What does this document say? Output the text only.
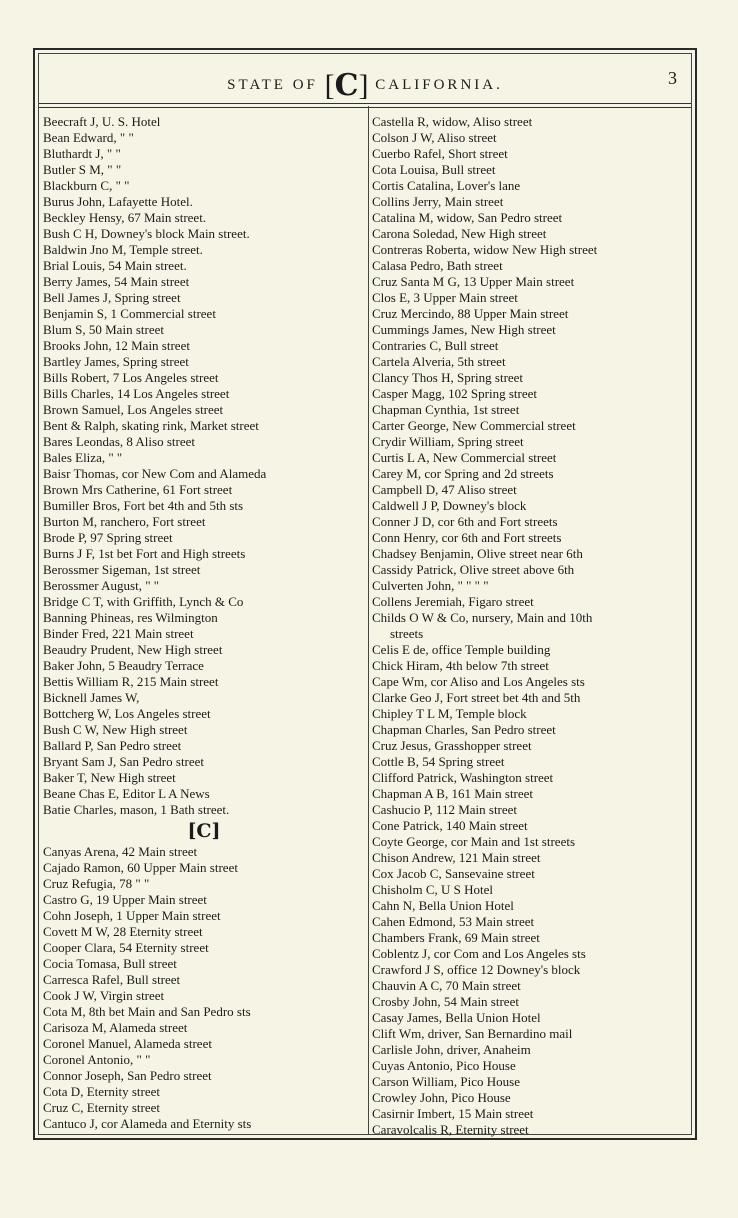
STATE OF [C] CALIFORNIA.	3
Beecraft J, U. S. Hotel
Bean Edward, " "
Bluthardt J, " "
Butler S M, " "
Blackburn C, " "
Burus John, Lafayette Hotel.
Beckley Hensy, 67 Main street.
Bush C H, Downey's block Main street.
Baldwin Jno M, Temple street.
Brial Louis, 54 Main street.
Berry James, 54 Main street
Bell James J, Spring street
Benjamin S, 1 Commercial street
Blum S, 50 Main street
Brooks John, 12 Main street
Bartley James, Spring street
Bills Robert, 7 Los Angeles street
Bills Charles, 14 Los Angeles street
Brown Samuel, Los Angeles street
Bent & Ralph, skating rink, Market street
Bares Leondas, 8 Aliso street
Bales Eliza, " "
Baisr Thomas, cor New Com and Alameda
Brown Mrs Catherine, 61 Fort street
Bumiller Bros, Fort bet 4th and 5th sts
Burton M, ranchero, Fort street
Brode P, 97 Spring street
Burns J F, 1st bet Fort and High streets
Berossmer Sigeman, 1st street
Berossmer August, " "
Bridge C T, with Griffith, Lynch & Co
Banning Phineas, res Wilmington
Binder Fred, 221 Main street
Beaudry Prudent, New High street
Baker John, 5 Beaudry Terrace
Bettis William R, 215 Main street
Bicknell James W,
Bottcherg W, Los Angeles street
Bush C W, New High street
Ballard P, San Pedro street
Bryant Sam J, San Pedro street
Baker T, New High street
Beane Chas E, Editor L A News
Batie Charles, mason, 1 Bath street.
[C]
Canyas Arena, 42 Main street
Cajado Ramon, 60 Upper Main street
Cruz Refugia, 78 " "
Castro G, 19 Upper Main street
Cohn Joseph, 1 Upper Main street
Covett M W, 28 Eternity street
Cooper Clara, 54 Eternity street
Cocia Tomasa, Bull street
Carresca Rafel, Bull street
Cook J W, Virgin street
Cota M, 8th bet Main and San Pedro sts
Carisoza M, Alameda street
Coronel Manuel, Alameda street
Coronel Antonio, " "
Connor Joseph, San Pedro street
Cota D, Eternity street
Cruz C, Eternity street
Cantuco J, cor Alameda and Eternity sts
Castella R, widow, Aliso street
Colson J W, Aliso street
Cuerbo Rafel, Short street
Cota Louisa, Bull street
Cortis Catalina, Lover's lane
Collins Jerry, Main street
Catalina M, widow, San Pedro street
Carona Soledad, New High street
Contreras Roberta, widow New High street
Calasa Pedro, Bath street
Cruz Santa M G, 13 Upper Main street
Clos E, 3 Upper Main street
Cruz Mercindo, 88 Upper Main street
Cummings James, New High street
Contraries C, Bull street
Cartela Alveria, 5th street
Clancy Thos H, Spring street
Casper Magg, 102 Spring street
Chapman Cynthia, 1st street
Carter George, New Commercial street
Crydir William, Spring street
Curtis L A, New Commercial street
Carey M, cor Spring and 2d streets
Campbell D, 47 Aliso street
Caldwell J P, Downey's block
Conner J D, cor 6th and Fort streets
Conn Henry, cor 6th and Fort streets
Chadsey Benjamin, Olive street near 6th
Cassidy Patrick, Olive street above 6th
Culverten John, " " " "
Collens Jeremiah, Figaro street
Childs O W & Co, nursery, Main and 10th
streets
Celis E de, office Temple building
Chick Hiram, 4th below 7th street
Cape Wm, cor Aliso and Los Angeles sts
Clarke Geo J, Fort street bet 4th and 5th
Chipley T L M, Temple block
Chapman Charles, San Pedro street
Cruz Jesus, Grasshopper street
Cottle B, 54 Spring street
Clifford Patrick, Washington street
Chapman A B, 161 Main street
Cashucio P, 112 Main street
Cone Patrick, 140 Main street
Coyte George, cor Main and 1st streets
Chison Andrew, 121 Main street
Cox Jacob C, Sansevaine street
Chisholm C, U S Hotel
Cahn N, Bella Union Hotel
Cahen Edmond, 53 Main street
Chambers Frank, 69 Main street
Coblentz J, cor Com and Los Angeles sts
Crawford J S, office 12 Downey's block
Chauvin A C, 70 Main street
Crosby John, 54 Main street
Casay James, Bella Union Hotel
Clift Wm, driver, San Bernardino mail
Carlisle John, driver, Anaheim
Cuyas Antonio, Pico House
Carson William, Pico House
Crowley John, Pico House
Casirnir Imbert, 15 Main street
Caravolcalis R, Eternity street
